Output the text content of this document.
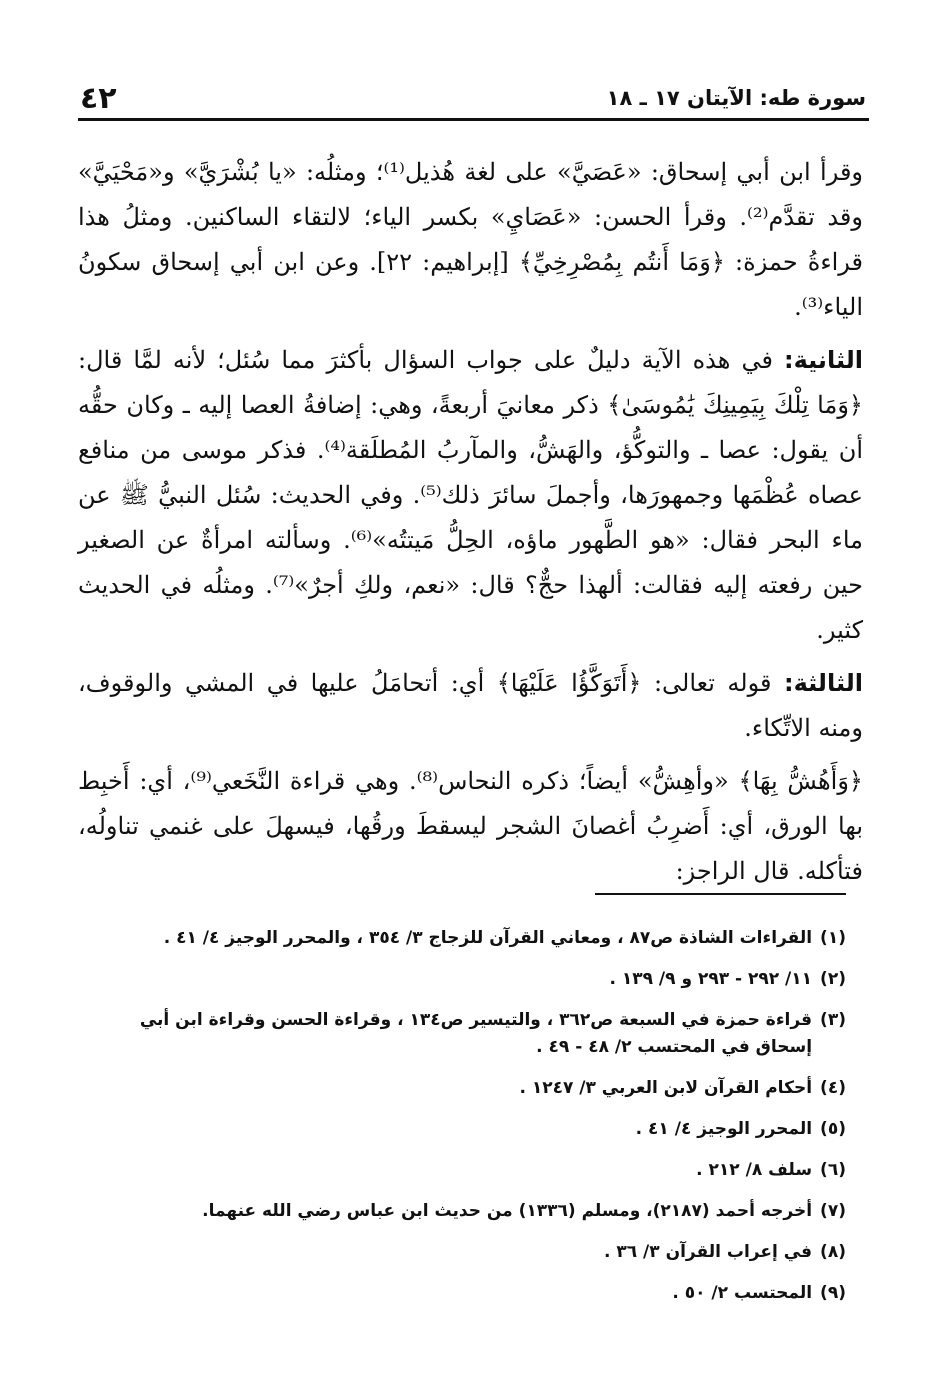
٤٢	سورة طه: الآيتان ١٧ ـ ١٨

وقرأ ابن أبي إسحاق: «عَصَيَّ» على لغة هُذيل⁽¹⁾؛ ومثلُه: «يا بُشْرَيَّ» و«مَحْيَيَّ» وقد تقدَّم⁽²⁾. وقرأ الحسن: «عَصَايِ» بكسر الياء؛ لالتقاء الساكنين. ومثلُ هذا قراءةُ حمزة: ﴿وَمَا أَنتُم بِمُصْرِخِيِّ﴾ [إبراهيم: ٢٢]. وعن ابن أبي إسحاق سكونُ الياء⁽³⁾.

الثانية: في هذه الآية دليلٌ على جواب السؤال بأكثرَ مما سُئل؛ لأنه لمَّا قال: ﴿وَمَا تِلْكَ بِيَمِينِكَ يَٰمُوسَىٰ﴾ ذكر معانيَ أربعةً، وهي: إضافةُ العصا إليه ـ وكان حقُّه أن يقول: عصا ـ والتوكُّؤ، والهَشُّ، والمآربُ المُطلَقة⁽⁴⁾. فذكر موسى من منافع عصاه عُظْمَها وجمهورَها، وأجملَ سائرَ ذلك⁽⁵⁾. وفي الحديث: سُئل النبيُّ ﷺ عن ماء البحر فقال: «هو الطَّهور ماؤه، الحِلُّ مَيتتُه»⁽⁶⁾. وسألته امرأةٌ عن الصغير حين رفعته إليه فقالت: ألهذا حجٌّ؟ قال: «نعم، ولكِ أجرٌ»⁽⁷⁾. ومثلُه في الحديث كثير.

الثالثة: قوله تعالى: ﴿أَتَوَكَّؤُا عَلَيْهَا﴾ أي: أتحامَلُ عليها في المشي والوقوف، ومنه الاتِّكاء.

﴿وَأَهُشُّ بِهَا﴾ «وأهِشُّ» أيضاً؛ ذكره النحاس⁽⁸⁾. وهي قراءة النَّخَعي⁽⁹⁾، أي: أَخبِط بها الورق، أي: أَضرِبُ أغصانَ الشجر ليسقطَ ورقُها، فيسهلَ على غنمي تناولُه، فتأكله. قال الراجز:

(١)
القراءات الشاذة ص٨٧ ، ومعاني القرآن للزجاج ٣/ ٣٥٤ ، والمحرر الوجيز ٤/ ٤١ .
(٢)
١١/ ٢٩٢ - ٢٩٣ و ٩/ ١٣٩ .
(٣)
قراءة حمزة في السبعة ص٣٦٢ ، والتيسير ص١٣٤ ، وقراءة الحسن وقراءة ابن أبي إسحاق في المحتسب ٢/ ٤٨ - ٤٩ .
(٤)
أحكام القرآن لابن العربي ٣/ ١٢٤٧ .
(٥)
المحرر الوجيز ٤/ ٤١ .
(٦)
سلف ٨/ ٢١٢ .
(٧)
أخرجه أحمد (٢١٨٧)، ومسلم (١٣٣٦) من حديث ابن عباس رضي الله عنهما.
(٨)
في إعراب القرآن ٣/ ٣٦ .
(٩)
المحتسب ٢/ ٥٠ .
